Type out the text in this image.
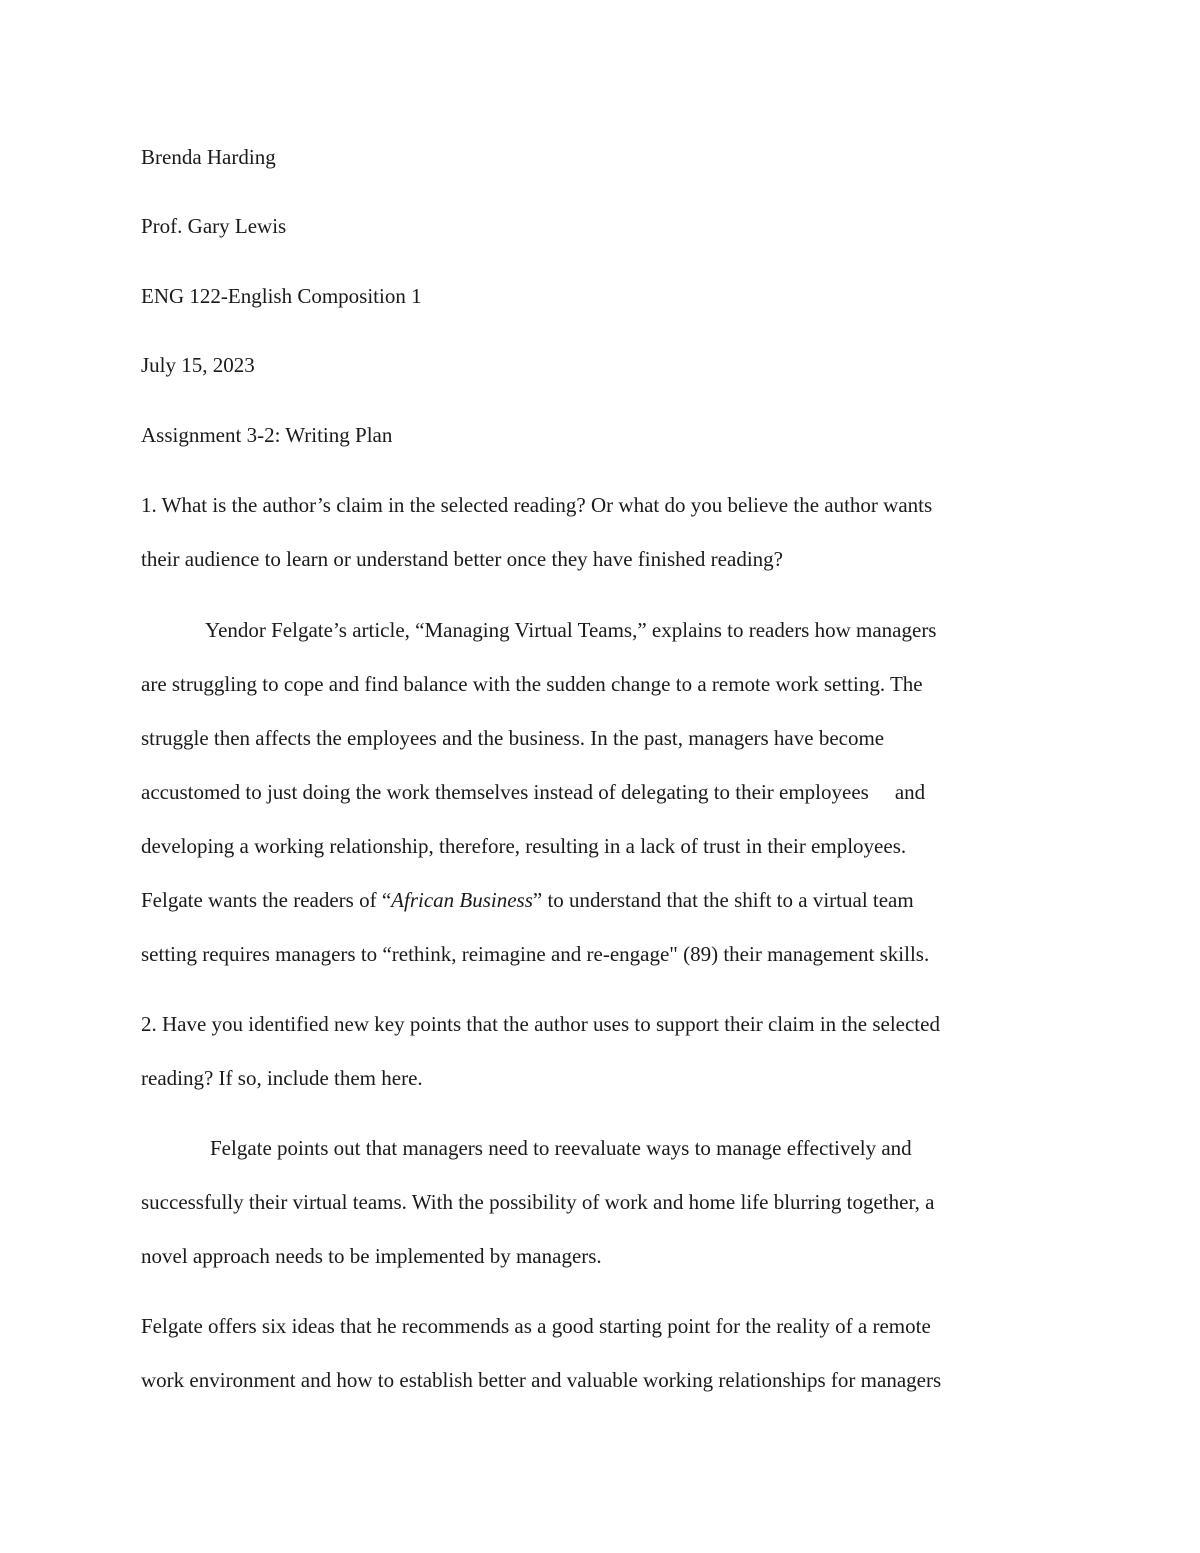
Brenda Harding
Prof. Gary Lewis
ENG 122-English Composition 1
July 15, 2023
Assignment 3-2: Writing Plan
1. What is the author’s claim in the selected reading? Or what do you believe the author wants
their audience to learn or understand better once they have finished reading?
Yendor Felgate’s article, “Managing Virtual Teams,” explains to readers how managers
are struggling to cope and find balance with the sudden change to a remote work setting. The
struggle then affects the employees and the business. In the past, managers have become
accustomed to just doing the work themselves instead of delegating to their employees and
developing a working relationship, therefore, resulting in a lack of trust in their employees.
Felgate wants the readers of “African Business” to understand that the shift to a virtual team
setting requires managers to “rethink, reimagine and re-engage" (89) their management skills.
2. Have you identified new key points that the author uses to support their claim in the selected
reading? If so, include them here.
Felgate points out that managers need to reevaluate ways to manage effectively and
successfully their virtual teams. With the possibility of work and home life blurring together, a
novel approach needs to be implemented by managers.
Felgate offers six ideas that he recommends as a good starting point for the reality of a remote
work environment and how to establish better and valuable working relationships for managers
